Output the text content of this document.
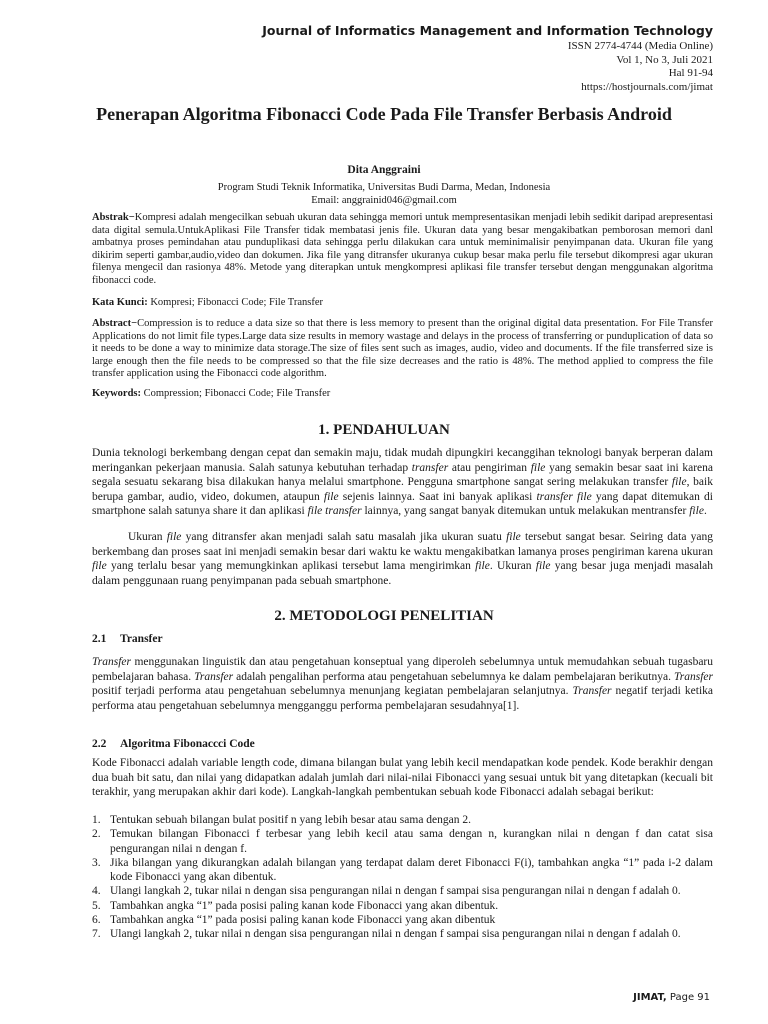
Journal of Informatics Management and Information Technology
ISSN 2774-4744 (Media Online)
Vol 1, No 3, Juli 2021
Hal 91-94
https://hostjournals.com/jimat
Penerapan Algoritma Fibonacci Code Pada File Transfer Berbasis Android
Dita Anggraini
Program Studi Teknik Informatika, Universitas Budi Darma, Medan, Indonesia
Email: anggrainid046@gmail.com
Abstrak−Kompresi adalah mengecilkan sebuah ukuran data sehingga memori untuk mempresentasikan menjadi lebih sedikit daripad arepresentasi data digital semula.UntukAplikasi File Transfer tidak membatasi jenis file. Ukuran data yang besar mengakibatkan pemborosan memori danl ambatnya proses pemindahan atau punduplikasi data sehingga perlu dilakukan cara untuk meminimalisir penyimpanan data. Ukuran file yang dikirim seperti gambar,audio,video dan dokumen. Jika file yang ditransfer ukuranya cukup besar maka perlu file tersebut dikompresi agar ukuran filenya mengecil dan rasionya 48%. Metode yang diterapkan untuk mengkompresi aplikasi file transfer tersebut dengan menggunakan algoritma fibonacci code.
Kata Kunci: Kompresi; Fibonacci Code; File Transfer
Abstract−Compression is to reduce a data size so that there is less memory to present than the original digital data presentation. For File Transfer Applications do not limit file types.Large data size results in memory wastage and delays in the process of transferring or punduplication of data so it needs to be done a way to minimize data storage.The size of files sent such as images, audio, video and documents. If the file transferred size is large enough then the file needs to be compressed so that the file size decreases and the ratio is 48%. The method applied to compress the file transfer application using the Fibonacci code algorithm.
Keywords: Compression; Fibonacci Code; File Transfer
1. PENDAHULUAN
Dunia teknologi berkembang dengan cepat dan semakin maju, tidak mudah dipungkiri kecanggihan teknologi banyak berperan dalam meringankan pekerjaan manusia. Salah satunya kebutuhan terhadap transfer atau pengiriman file yang semakin besar saat ini karena segala sesuatu sekarang bisa dilakukan hanya melalui smartphone. Pengguna smartphone sangat sering melakukan transfer file, baik berupa gambar, audio, video, dokumen, ataupun file sejenis lainnya. Saat ini banyak aplikasi transfer file yang dapat ditemukan di smartphone salah satunya share it dan aplikasi file transfer lainnya, yang sangat banyak ditemukan untuk melakukan mentransfer file.
Ukuran file yang ditransfer akan menjadi salah satu masalah jika ukuran suatu file tersebut sangat besar. Seiring data yang berkembang dan proses saat ini menjadi semakin besar dari waktu ke waktu mengakibatkan lamanya proses pengiriman karena ukuran file yang terlalu besar yang memungkinkan aplikasi tersebut lama mengirimkan file. Ukuran file yang besar juga menjadi masalah dalam penggunaan ruang penyimpanan pada sebuah smartphone.
2. METODOLOGI PENELITIAN
2.1 Transfer
Transfer menggunakan linguistik dan atau pengetahuan konseptual yang diperoleh sebelumnya untuk memudahkan sebuah tugasbaru pembelajaran bahasa. Transfer adalah pengalihan performa atau pengetahuan sebelumnya ke dalam pembelajaran berikutnya. Transfer positif terjadi performa atau pengetahuan sebelumnya menunjang kegiatan pembelajaran selanjutnya. Transfer negatif terjadi ketika performa atau pengetahuan sebelumnya mengganggu performa pembelajaran sesudahnya[1].
2.2 Algoritma Fibonaccci Code
Kode Fibonacci adalah variable length code, dimana bilangan bulat yang lebih kecil mendapatkan kode pendek. Kode berakhir dengan dua buah bit satu, dan nilai yang didapatkan adalah jumlah dari nilai-nilai Fibonacci yang sesuai untuk bit yang ditetapkan (kecuali bit terakhir, yang merupakan akhir dari kode). Langkah-langkah pembentukan sebuah kode Fibonacci adalah sebagai berikut:
1. Tentukan sebuah bilangan bulat positif n yang lebih besar atau sama dengan 2.
2. Temukan bilangan Fibonacci f terbesar yang lebih kecil atau sama dengan n, kurangkan nilai n dengan f dan catat sisa pengurangan nilai n dengan f.
3. Jika bilangan yang dikurangkan adalah bilangan yang terdapat dalam deret Fibonacci F(i), tambahkan angka “1” pada i-2 dalam kode Fibonacci yang akan dibentuk.
4. Ulangi langkah 2, tukar nilai n dengan sisa pengurangan nilai n dengan f sampai sisa pengurangan nilai n dengan f adalah 0.
5. Tambahkan angka “1” pada posisi paling kanan kode Fibonacci yang akan dibentuk.
6. Tambahkan angka “1” pada posisi paling kanan kode Fibonacci yang akan dibentuk
7. Ulangi langkah 2, tukar nilai n dengan sisa pengurangan nilai n dengan f sampai sisa pengurangan nilai n dengan f adalah 0.
JIMAT, Page 91
